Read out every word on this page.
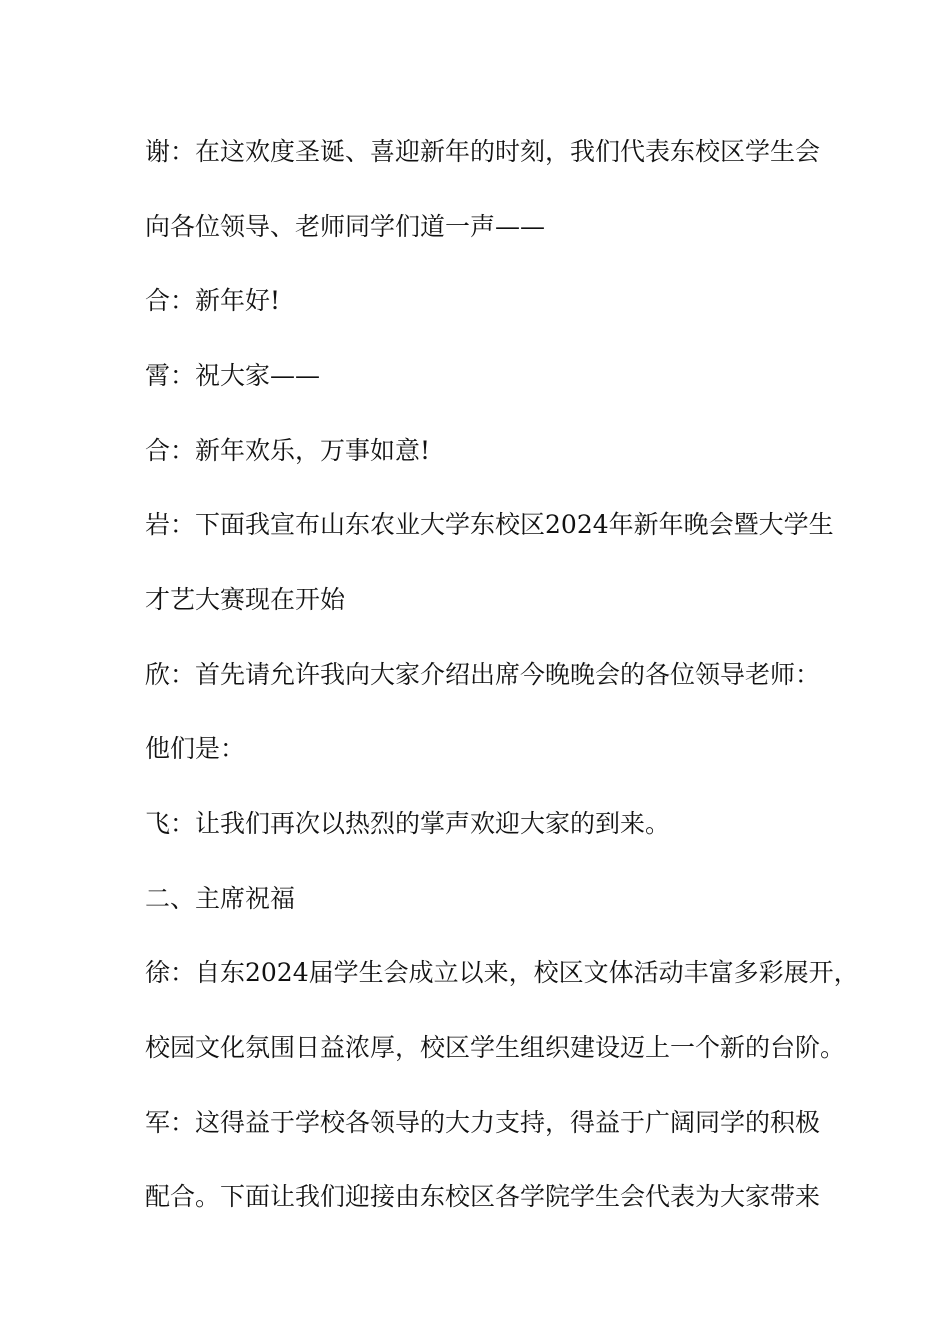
谢：在这欢度圣诞、喜迎新年的时刻，我们代表东校区学生会
向各位领导、老师同学们道一声——
合：新年好!
霄：祝大家——
合：新年欢乐，万事如意!
岩：下面我宣布山东农业大学东校区2024年新年晚会暨大学生
才艺大赛现在开始
欣：首先请允许我向大家介绍出席今晚晚会的各位领导老师：
他们是：
飞：让我们再次以热烈的掌声欢迎大家的到来。
二、主席祝福
徐：自东2024届学生会成立以来，校区文体活动丰富多彩展开，
校园文化氛围日益浓厚，校区学生组织建设迈上一个新的台阶。
军：这得益于学校各领导的大力支持，得益于广阔同学的积极
配合。下面让我们迎接由东校区各学院学生会代表为大家带来
